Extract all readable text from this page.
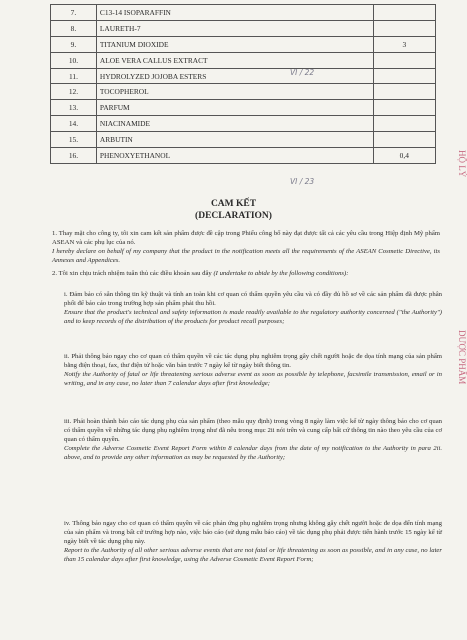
7.	C13-14 ISOPARAFFIN	
8.	LAURETH-7	
9.	TITANIUM DIOXIDE	3
10.	ALOE VERA CALLUS EXTRACT	
11.	HYDROLYZED JOJOBA ESTERS	
12.	TOCOPHEROL	
13.	PARFUM	
14.	NIACINAMIDE	
15.	ARBUTIN	
16.	PHENOXYETHANOL	0,4
VI / 22
VI / 23
HỘ LÝ
DƯỢC PHẨM
CAM KẾT
(DECLARATION)
1. Thay mặt cho công ty, tôi xin cam kết sản phẩm được đề cập trong Phiếu công bố này đạt được tất cả các yêu cầu trong Hiệp định Mỹ phẩm ASEAN và các phụ lục của nó.
I hereby declare on behalf of my company that the product in the notification meets all the requirements of the ASEAN Cosmetic Directive, its Annexes and Appendices.
2. Tôi xin chịu trách nhiệm tuân thủ các điều khoản sau đây (I undertake to abide by the following conditions):
i. Đảm bảo có sẵn thông tin kỹ thuật và tính an toàn khi cơ quan có thẩm quyền yêu cầu và có đầy đủ hồ sơ về các sản phẩm đã được phân phối để báo cáo trong trường hợp sản phẩm phải thu hồi.
Ensure that the product's technical and safety information is made readily available to the regulatory authority concerned ("the Authority") and to keep records of the distribution of the products for product recall purposes;
ii. Phải thông báo ngay cho cơ quan có thẩm quyền về các tác dụng phụ nghiêm trọng gây chết người hoặc đe dọa tính mạng của sản phẩm bằng điện thoại, fax, thư điện tử hoặc văn bản trước 7 ngày kể từ ngày biết thông tin.
Notify the Authority of fatal or life threatening serious adverse event as soon as possible by telephone, facsimile transmission, email or in writing, and in any case, no later than 7 calendar days after first knowledge;
iii. Phải hoàn thành báo cáo tác dụng phụ của sản phẩm (theo mẫu quy định) trong vòng 8 ngày làm việc kể từ ngày thông báo cho cơ quan có thẩm quyền về những tác dụng phụ nghiêm trọng như đã nêu trong mục 2ii nói trên và cung cấp bất cứ thông tin nào theo yêu cầu của cơ quan có thẩm quyền.
Complete the Adverse Cosmetic Event Report Form within 8 calendar days from the date of my notification to the Authority in para 2ii. above, and to provide any other information as may be requested by the Authority;
iv. Thông báo ngay cho cơ quan có thẩm quyền về các phản ứng phụ nghiêm trọng nhưng không gây chết người hoặc đe dọa đến tính mạng của sản phẩm và trong bất cứ trường hợp nào, việc báo cáo (sử dụng mẫu báo cáo) về tác dụng phụ phải được tiến hành trước 15 ngày kể từ ngày biết về tác dụng phụ này.
Report to the Authority of all other serious adverse events that are not fatal or life threatening as soon as possible, and in any case, no later than 15 calendar days after first knowledge, using the Adverse Cosmetic Event Report Form;
